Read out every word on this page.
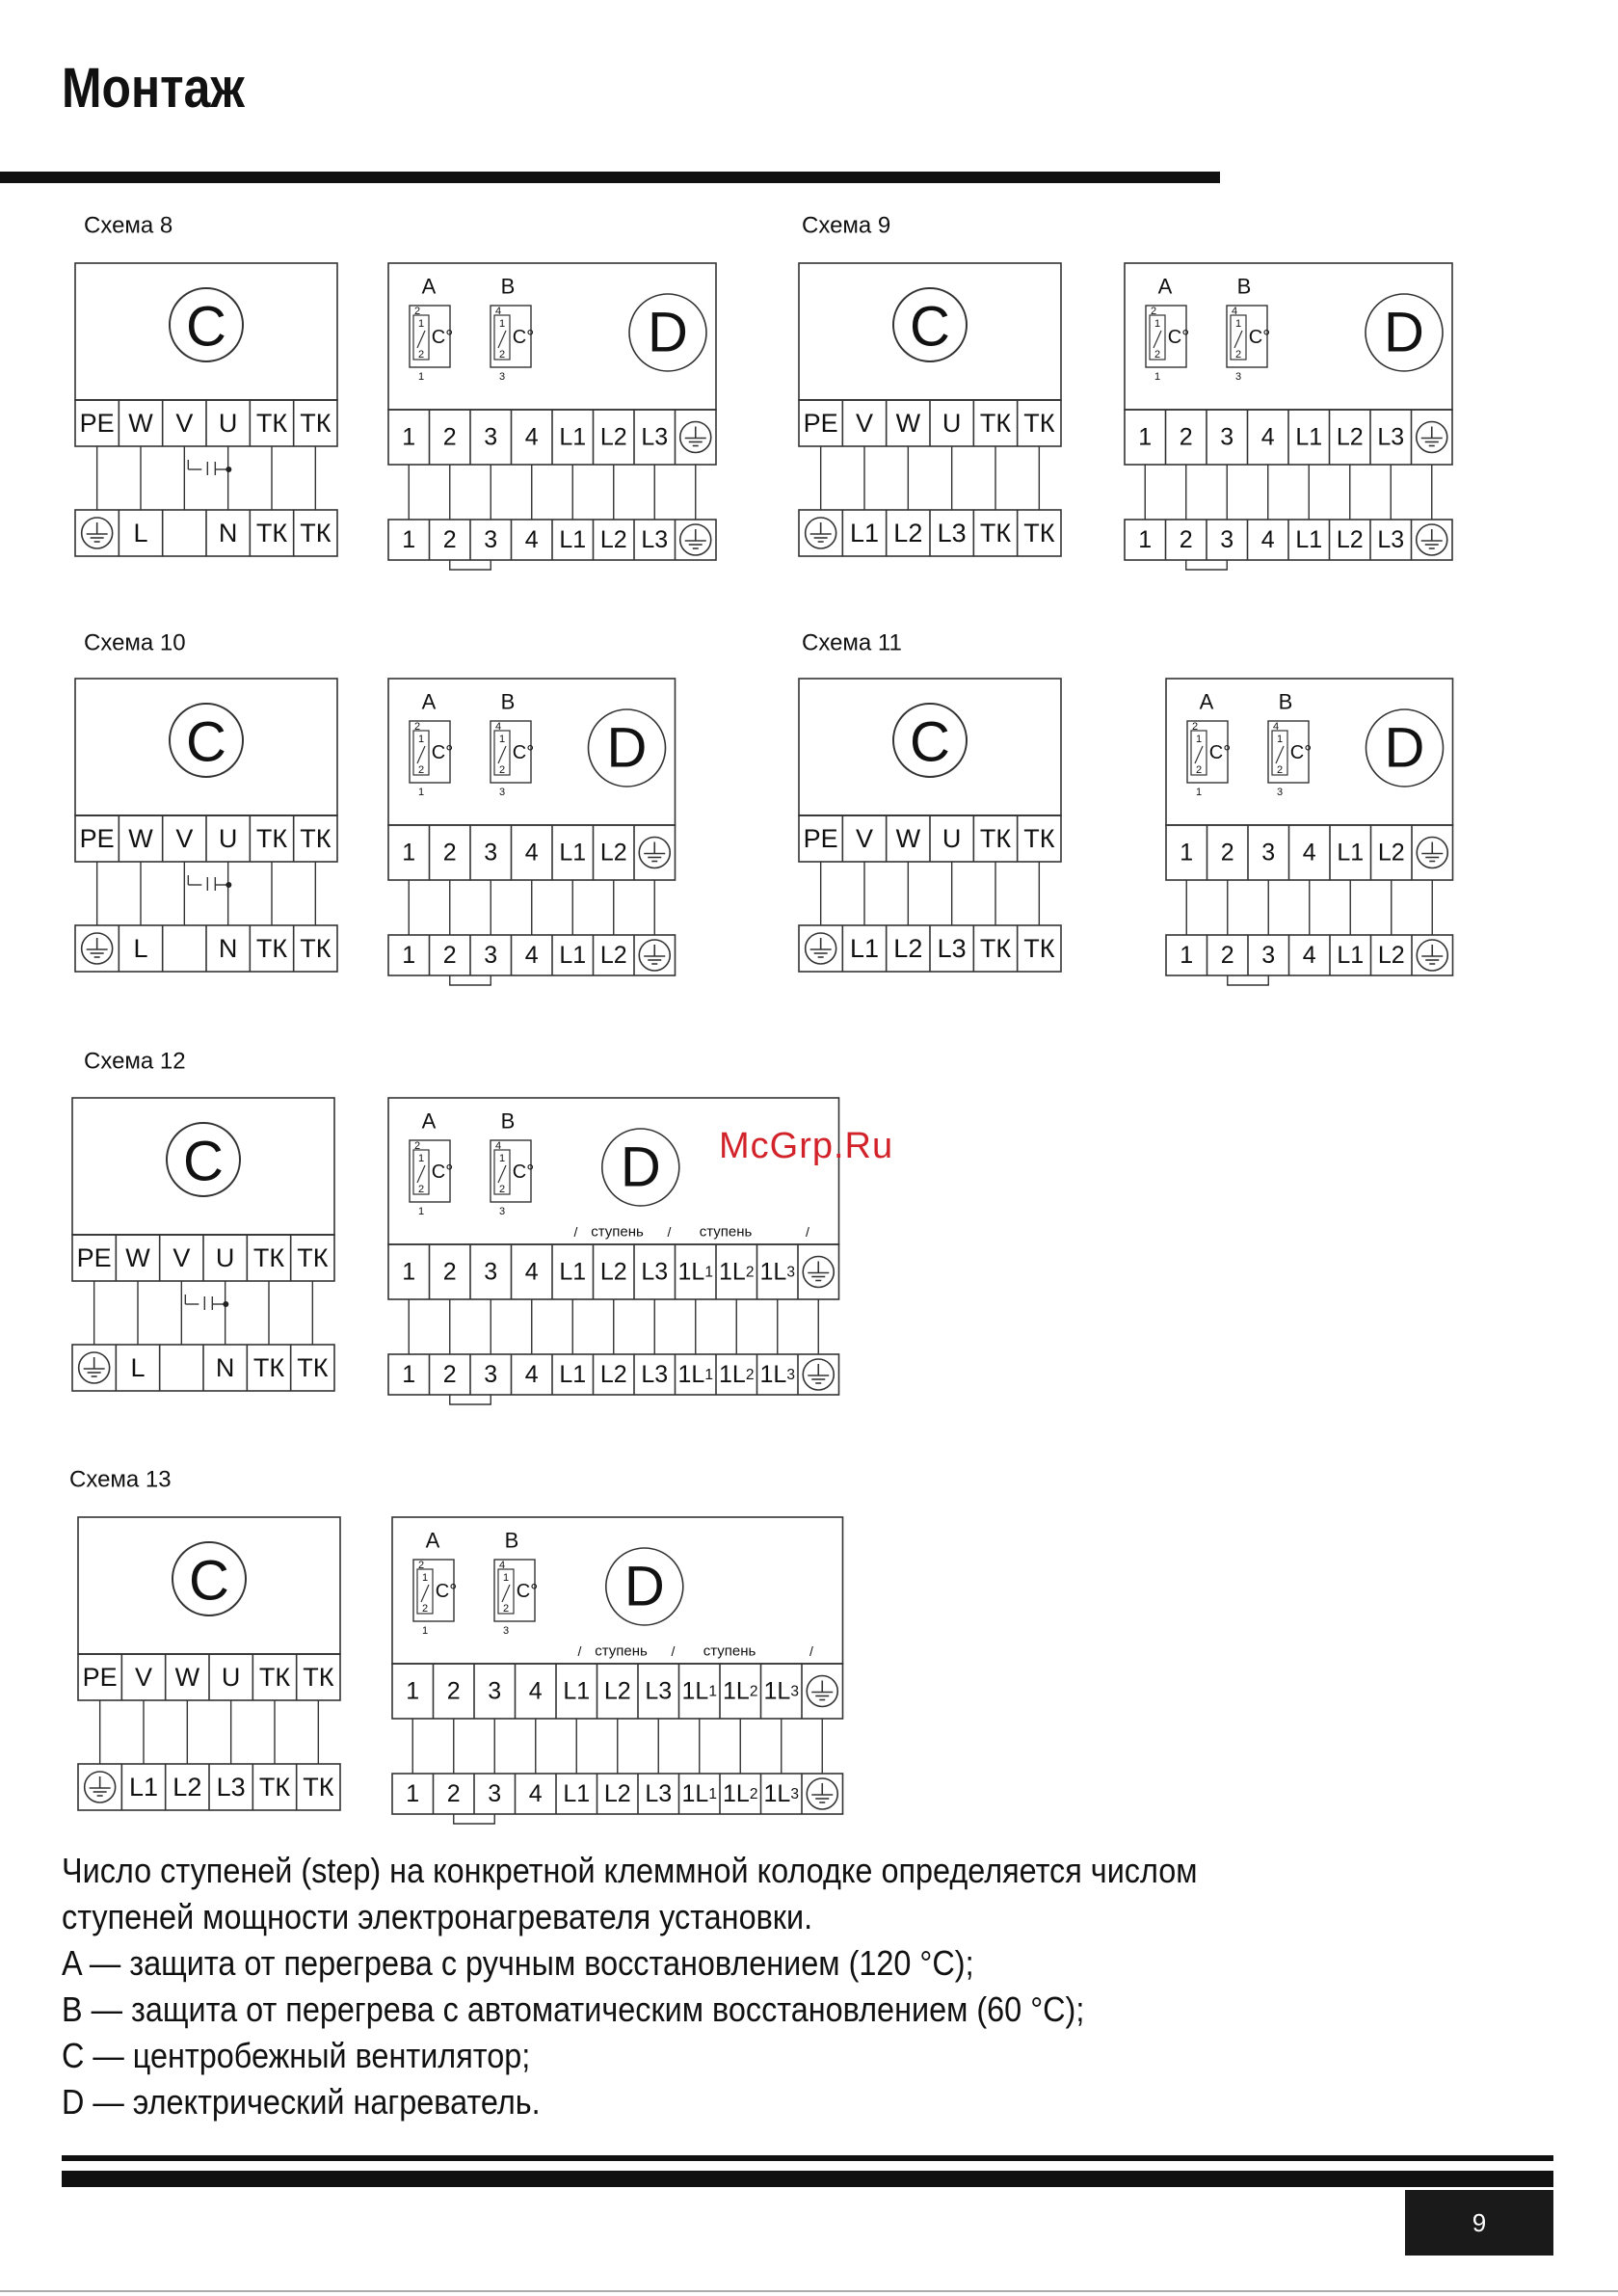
Монтаж
Схема 8
C
PE W V U ТК ТК
L	N ТК ТК
A	B
2
1
2
1
C°
4
1
2
3
C° D
1 2 3 4 L1 L2 L3
1 2 3 4 L1 L2 L3
Схема 9
C
PE V W U ТК ТК
L1 L2 L3 ТК ТК
A	B
2
1
2
1
C°
4
1
2
3
C° D
1 2 3 4 L1 L2 L3
1 2 3 4 L1 L2 L3
Схема 10
C
PE W V U ТК ТК
L	N ТК ТК
A	B
2
1
2
1
C°
4
1
2
3
C° D
1 2 3 4 L1 L2
1 2 3 4 L1 L2
Схема 11
C
PE V W U ТК ТК
L1 L2 L3 ТК ТК
A	B
2
1
2
1
C°
4
1
2
3
C° D
1 2 3 4 L1 L2
1 2 3 4 L1 L2
Схема 12
C
PE W V U ТК ТК
L	N ТК ТК
A	B
2
1
2
1
C°
4
1
2
3
C° D
/ ступень / ступень	/
1 2 3 4 L1 L2 L3 1L1 1L2 1L3
1 2 3 4 L1 L2 L3 1L1 1L2 1L3
Схема 13
C
PE V W U ТК ТК
L1 L2 L3 ТК ТК
A	B
2
1
2
1
C°
4
1
2
3
C° D
/ ступень / ступень	/
1 2 3 4 L1 L2 L3 1L1 1L2 1L3
1 2 3 4 L1 L2 L3 1L1 1L2 1L3
McGrp.Ru

Число ступеней (step) на конкретной клеммной колодке определяется числом

ступеней мощности электронагревателя установки.

A — защита от перегрева с ручным восстановлением (120 °C);

B — защита от перегрева с автоматическим восстановлением (60 °C);

C — центробежный вентилятор;

D — электрический нагреватель.

9
